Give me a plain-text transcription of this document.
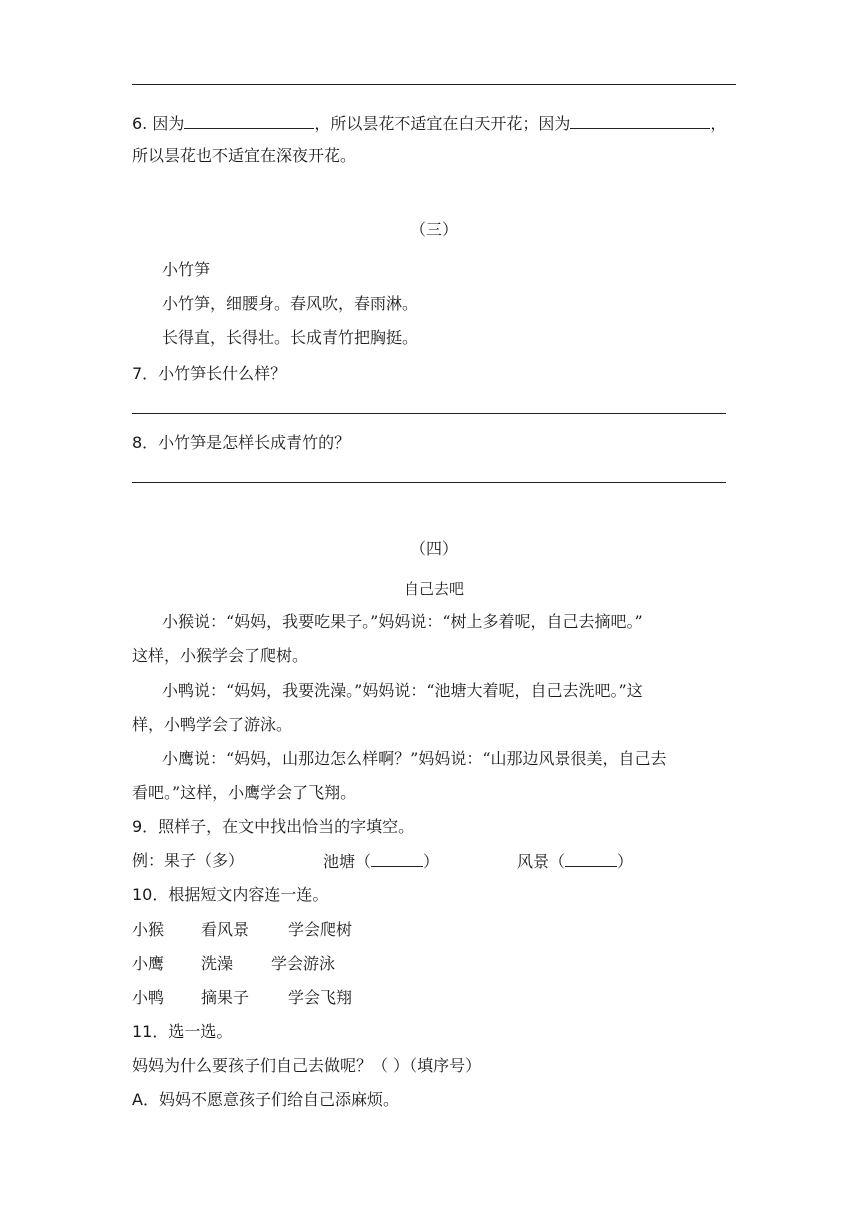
6. 因为	，所以昙花不适宜在白天开花；因为	，
所以昙花也不适宜在深夜开花。
（三）
小竹笋
小竹笋，细腰身。春风吹，春雨淋。
长得直，长得壮。长成青竹把胸挺。
7．小竹笋长什么样？
8．小竹笋是怎样长成青竹的？
（四）
自己去吧
小猴说：“妈妈，我要吃果子。”妈妈说：“树上多着呢，自己去摘吧。”
这样，小猴学会了爬树。
小鸭说：“妈妈，我要洗澡。”妈妈说：“池塘大着呢，自己去洗吧。”这
样，小鸭学会了游泳。
小鹰说：“妈妈，山那边怎么样啊？”妈妈说：“山那边风景很美，自己去
看吧。”这样，小鹰学会了飞翔。
9．照样子，在文中找出恰当的字填空。
例：果子（多）	池塘（	）	风景（	）
10．根据短文内容连一连。
小猴 看风景 学会爬树
小鹰 洗澡 学会游泳
小鸭 摘果子 学会飞翔
11．选一选。
妈妈为什么要孩子们自己去做呢？（ ）（填序号）
A．妈妈不愿意孩子们给自己添麻烦。
